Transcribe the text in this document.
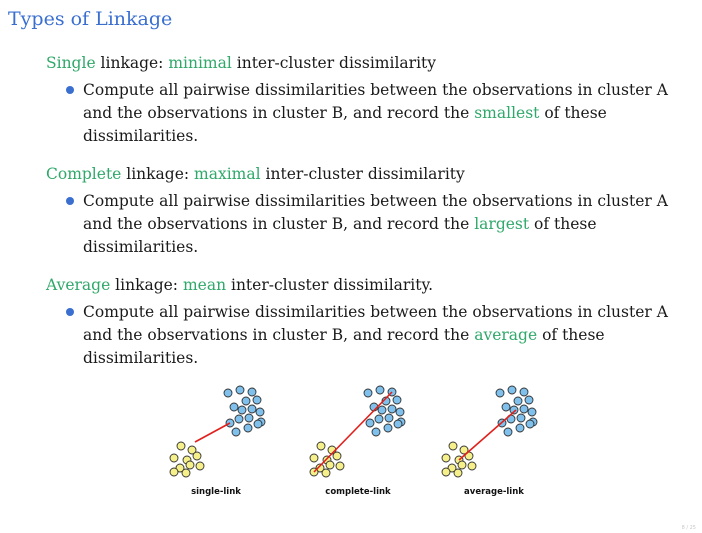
Types of Linkage
Single linkage: minimal inter-cluster dissimilarity
Compute all pairwise dissimilarities between the observations in cluster A and the observations in cluster B, and record the smallest of these dissimilarities.
Complete linkage: maximal inter-cluster dissimilarity
Compute all pairwise dissimilarities between the observations in cluster A and the observations in cluster B, and record the largest of these dissimilarities.
Average linkage: mean inter-cluster dissimilarity.
Compute all pairwise dissimilarities between the observations in cluster A and the observations in cluster B, and record the average of these dissimilarities.
single-link	complete-link	average-link
8 / 25
